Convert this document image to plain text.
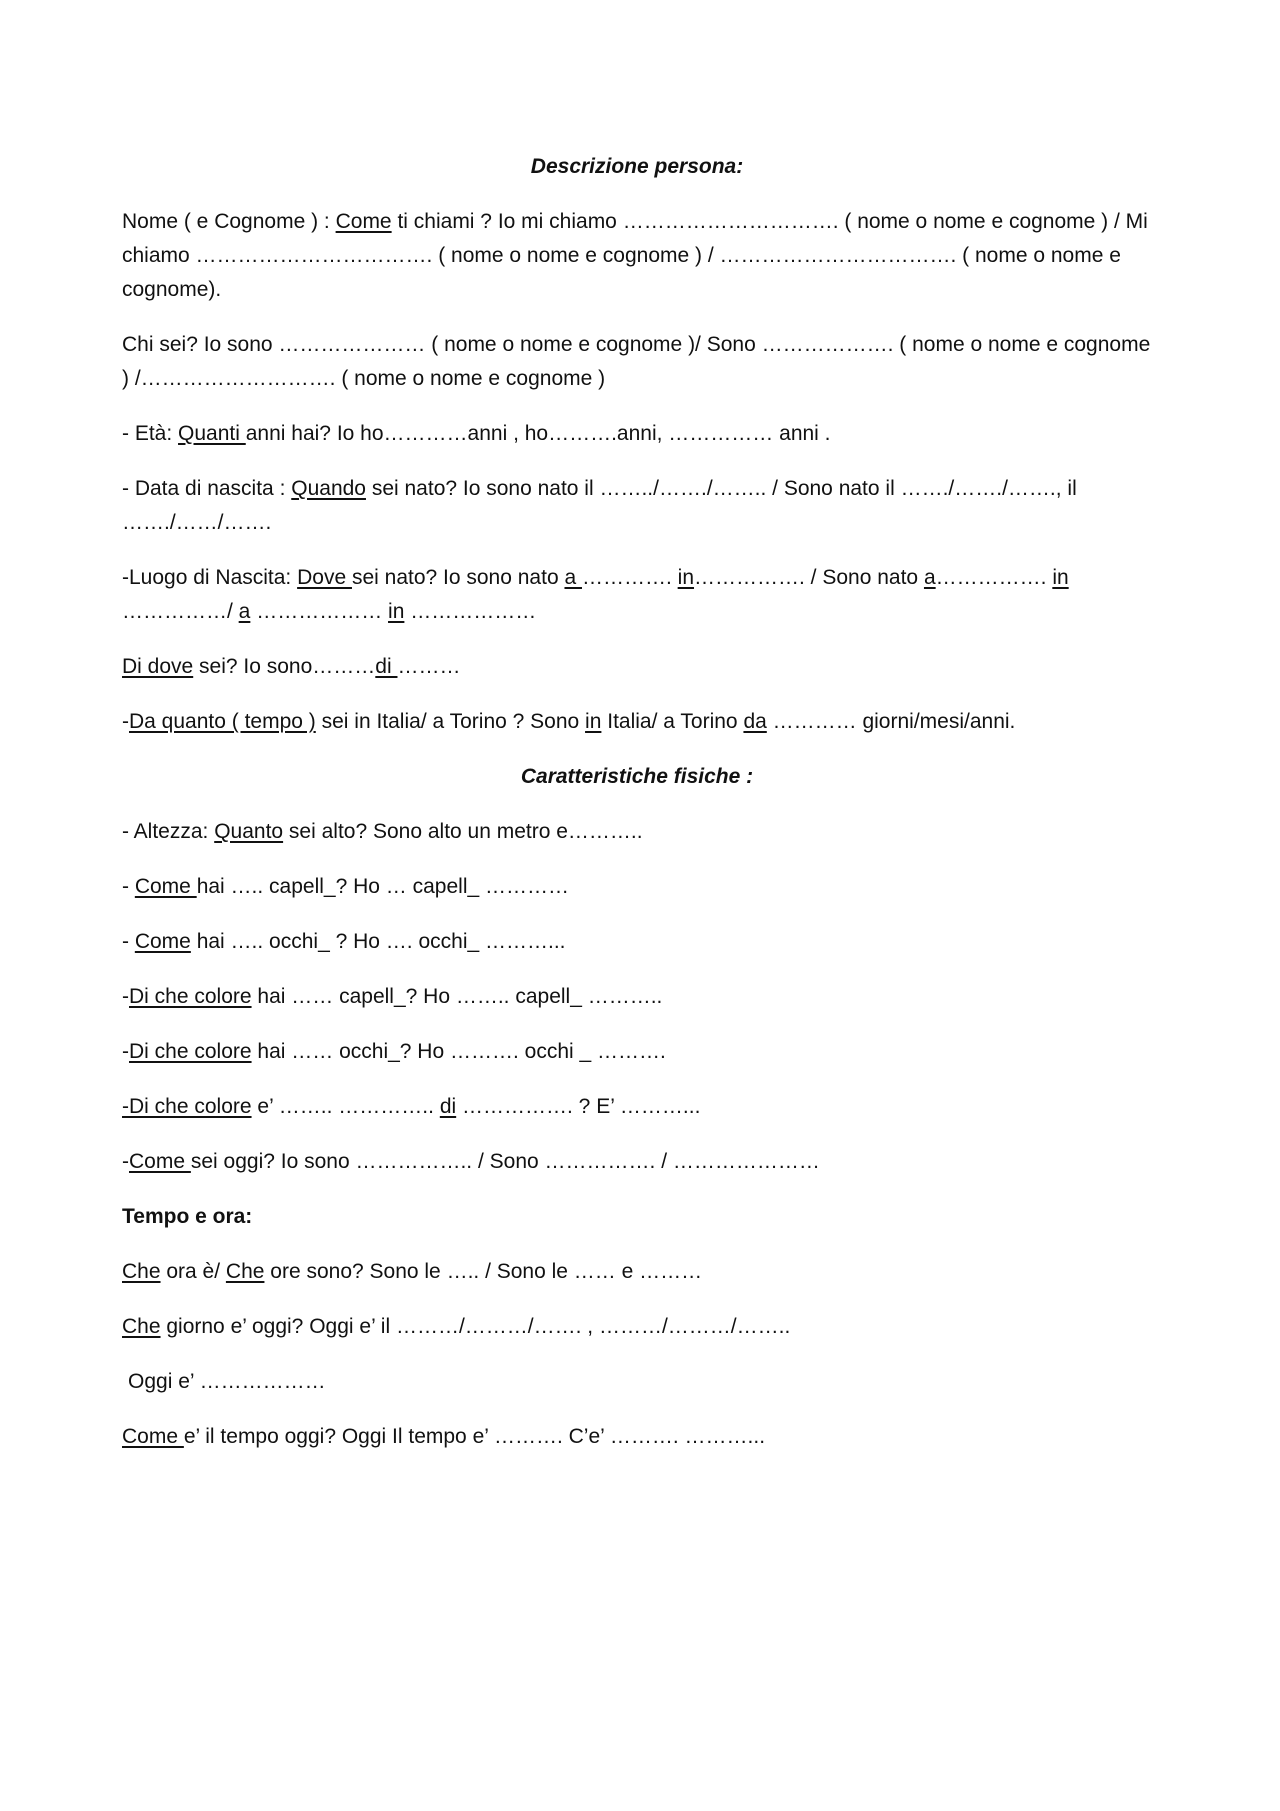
Descrizione persona:

Nome ( e Cognome ) : Come ti chiami ? Io mi chiamo …………………………. ( nome o nome e cognome ) / Mi chiamo ……………………………. ( nome o nome e cognome ) / ……………………………. ( nome o nome e cognome).

Chi sei? Io sono ………………… ( nome o nome e cognome )/ Sono ………………. ( nome o nome e cognome ) /………………………. ( nome o nome e cognome )

- Età: Quanti anni hai? Io ho…………anni , ho……….anni, …………… anni .

- Data di nascita : Quando sei nato? Io sono nato il ……../……./…….. / Sono nato il ……./……./……., il ……./……/…….

-Luogo di Nascita: Dove sei nato? Io sono nato a …………. in……………. / Sono nato a……………. in ……………/ a ……………… in ………………

Di dove sei? Io sono………di ………

-Da quanto ( tempo ) sei in Italia/ a Torino ? Sono in Italia/ a Torino da ………… giorni/mesi/anni.

Caratteristiche fisiche :

- Altezza: Quanto sei alto? Sono alto un metro e………..

- Come hai ….. capell_? Ho … capell_ …………

- Come hai ….. occhi_ ? Ho …. occhi_ ………...

-Di che colore hai …… capell_? Ho …….. capell_ ………..

-Di che colore hai …… occhi_? Ho ………. occhi _ ……….

-Di che colore e’ …….. ………….. di ……………. ? E’ ………...

-Come sei oggi? Io sono …………….. / Sono ……………. / …………………

Tempo e ora:

Che ora è/ Che ore sono? Sono le ….. / Sono le …… e ………

Che giorno e’ oggi? Oggi e’ il ………/………/……. , ………/………/……..

Oggi e’ ………………

Come e’ il tempo oggi? Oggi Il tempo e’ ………. C’e’ ………. ………...
